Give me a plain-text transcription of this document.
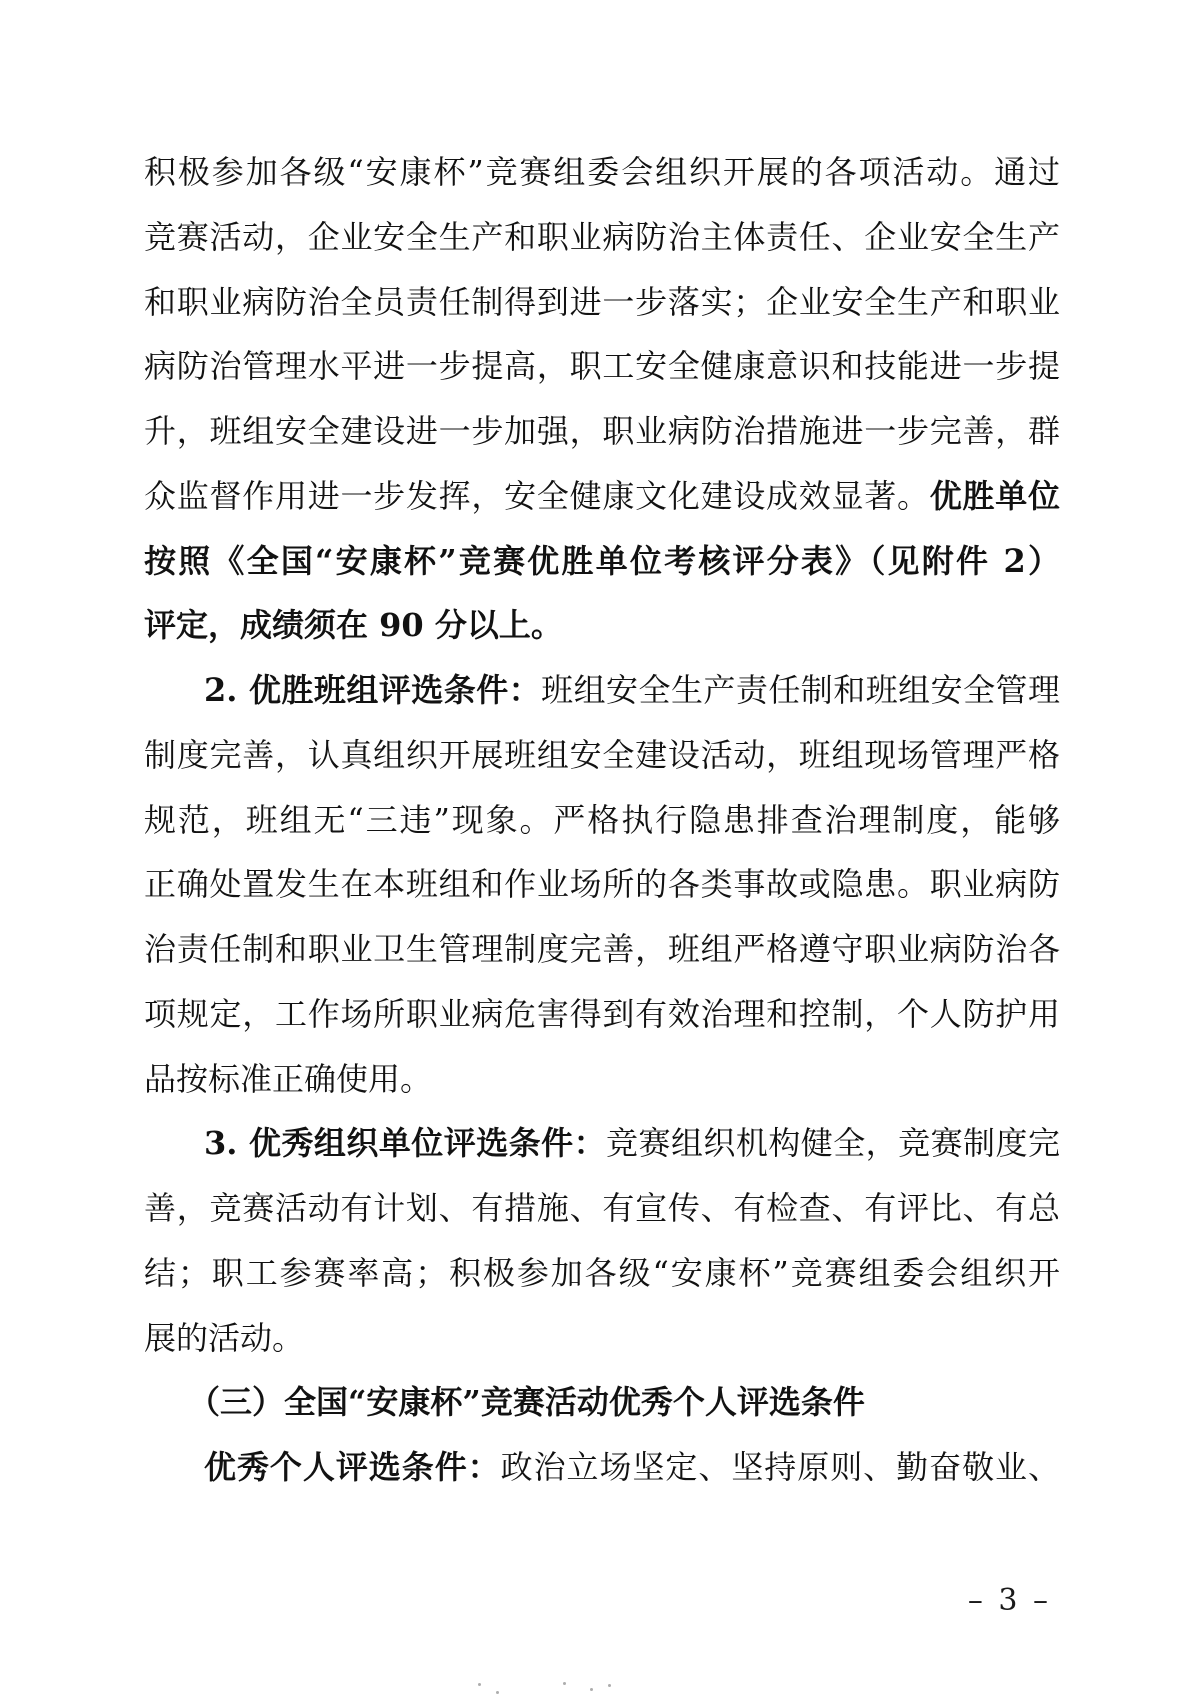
积极参加各级“安康杯”竞赛组委会组织开展的各项活动。通过
竞赛活动，企业安全生产和职业病防治主体责任、企业安全生产
和职业病防治全员责任制得到进一步落实；企业安全生产和职业
病防治管理水平进一步提高，职工安全健康意识和技能进一步提
升，班组安全建设进一步加强，职业病防治措施进一步完善，群
众监督作用进一步发挥，安全健康文化建设成效显著。优胜单位
按照《全国“安康杯”竞赛优胜单位考核评分表》（见附件 2）
评定，成绩须在 90 分以上。
2. 优胜班组评选条件：班组安全生产责任制和班组安全管理
制度完善，认真组织开展班组安全建设活动，班组现场管理严格
规范，班组无“三违”现象。严格执行隐患排查治理制度，能够
正确处置发生在本班组和作业场所的各类事故或隐患。职业病防
治责任制和职业卫生管理制度完善，班组严格遵守职业病防治各
项规定，工作场所职业病危害得到有效治理和控制，个人防护用
品按标准正确使用。
3. 优秀组织单位评选条件：竞赛组织机构健全，竞赛制度完
善，竞赛活动有计划、有措施、有宣传、有检查、有评比、有总
结；职工参赛率高；积极参加各级“安康杯”竞赛组委会组织开
展的活动。
（三）全国“安康杯”竞赛活动优秀个人评选条件
优秀个人评选条件：政治立场坚定、坚持原则、勤奋敬业、
– 3 –
